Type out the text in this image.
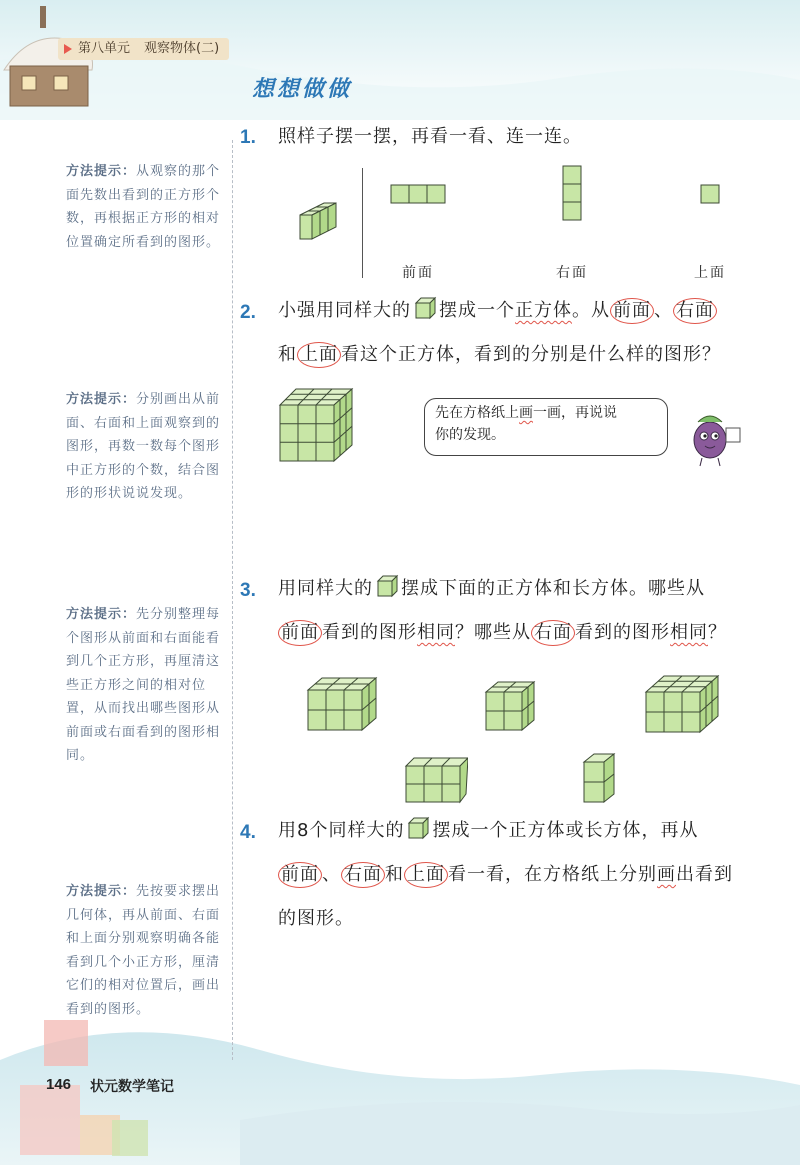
第八单元 观察物体(二)
想想做做
方法提示：从观察的那个面先数出看到的正方形个数，再根据正方形的相对位置确定所看到的图形。
方法提示：分别画出从前面、右面和上面观察到的图形，再数一数每个图形中正方形的个数，结合图形的形状说说发现。
方法提示：先分别整理每个图形从前面和右面能看到几个正方形，再厘清这些正方形之间的相对位置，从而找出哪些图形从前面或右面看到的图形相同。
方法提示：先按要求摆出几何体，再从前面、右面和上面分别观察明确各能看到几个小正方形，厘清它们的相对位置后，画出看到的图形。
1. 照样子摆一摆，再看一看、连一连。
前面	右面	上面
2. 小强用同样大的 摆成一个正方体。从 前面 、 右面
和 上面 看这个正方体，看到的分别是什么样的图形？
先在方格纸上画一画，再说说
你的发现。
3. 用同样大的 摆成下面的正方体和长方体。哪些从
前面 看到的图形相同？哪些从 右面 看到的图形相同？
4. 用8个同样大的 摆成一个正方体或长方体，再从
前面 、 右面 和 上面 看一看，在方格纸上分别画出看到
的图形。
146 状元数学笔记
